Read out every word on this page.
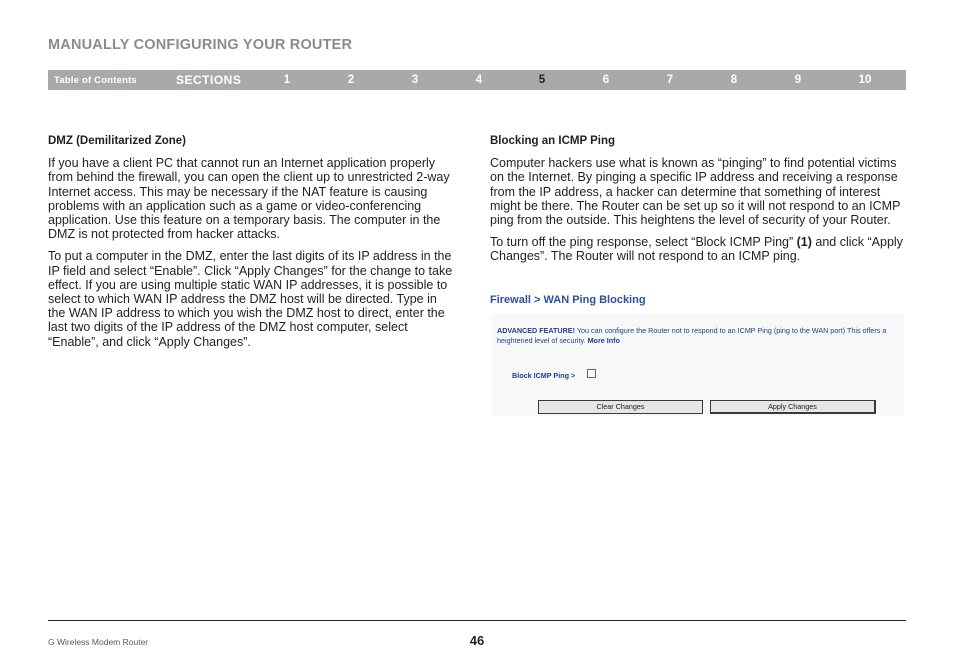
MANUALLY CONFIGURING YOUR ROUTER
Table of Contents	SECTIONS	1	2	3	4	5	6	7	8	9	10
DMZ (Demilitarized Zone)

If you have a client PC that cannot run an Internet application properly from behind the firewall, you can open the client up to unrestricted 2-way Internet access. This may be necessary if the NAT feature is causing problems with an application such as a game or video-conferencing application. Use this feature on a temporary basis. The computer in the DMZ is not protected from hacker attacks.

To put a computer in the DMZ, enter the last digits of its IP address in the IP field and select “Enable”. Click “Apply Changes” for the change to take effect. If you are using multiple static WAN IP addresses, it is possible to select to which WAN IP address the DMZ host will be directed. Type in the WAN IP address to which you wish the DMZ host to direct, enter the last two digits of the IP address of the DMZ host computer, select “Enable”, and click “Apply Changes”.

Blocking an ICMP Ping

Computer hackers use what is known as “pinging” to find potential victims on the Internet. By pinging a specific IP address and receiving a response from the IP address, a hacker can determine that something of interest might be there. The Router can be set up so it will not respond to an ICMP ping from the outside. This heightens the level of security of your Router.

To turn off the ping response, select “Block ICMP Ping” (1) and click “Apply Changes”. The Router will not respond to an ICMP ping.

Firewall > WAN Ping Blocking
ADVANCED FEATURE! You can configure the Router not to respond to an ICMP Ping (ping to the WAN port) This offers a heightened level of security. More Info
Block ICMP Ping >
Clear Changes	Apply Changes
G Wireless Modem Router	46
